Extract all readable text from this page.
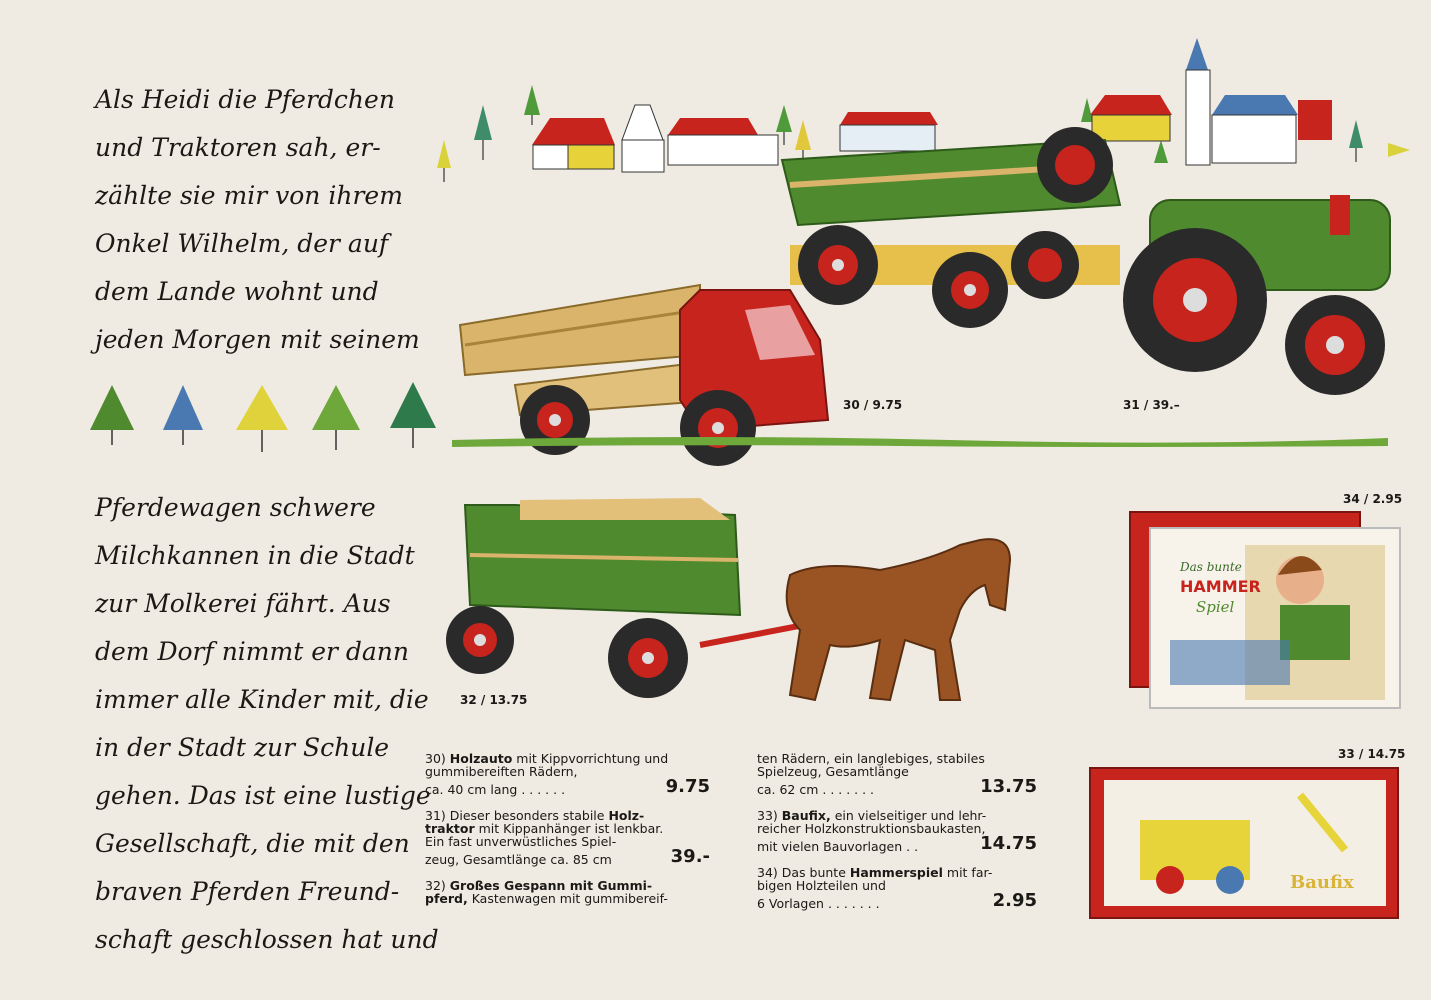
Als Heidi die Pferdchen
und Traktoren sah, er-
zählte sie mir von ihrem
Onkel Wilhelm, der auf
dem Lande wohnt und
jeden Morgen mit seinem
Pferdewagen schwere
Milchkannen in die Stadt
zur Molkerei fährt. Aus
dem Dorf nimmt er dann
immer alle Kinder mit, die
in der Stadt zur Schule
gehen. Das ist eine lustige
Gesellschaft, die mit den
braven Pferden Freund-
schaft geschlossen hat und
30 / 9.75	31 / 39.–
32 / 13.75
34 / 2.95
33 / 14.75
Das bunte
HAMMER
Spiel
Baufix

30) Holzauto mit Kippvorrichtung und
gummibereiften Rädern,
ca. 40 cm lang . . . . . .	9.75

31) Dieser besonders stabile Holz-
traktor mit Kippanhänger ist lenkbar.
Ein fast unverwüstliches Spiel-
zeug, Gesamtlänge ca. 85 cm	39.-

32) Großes Gespann mit Gummi-
pferd, Kastenwagen mit gummibereif-

ten Rädern, ein langlebiges, stabiles
Spielzeug, Gesamtlänge
ca. 62 cm . . . . . . .	13.75

33) Baufix, ein vielseitiger und lehr-
reicher Holzkonstruktionsbaukasten,
mit vielen Bauvorlagen . .	14.75

34) Das bunte Hammerspiel mit far-
bigen Holzteilen und
6 Vorlagen . . . . . . .	2.95
